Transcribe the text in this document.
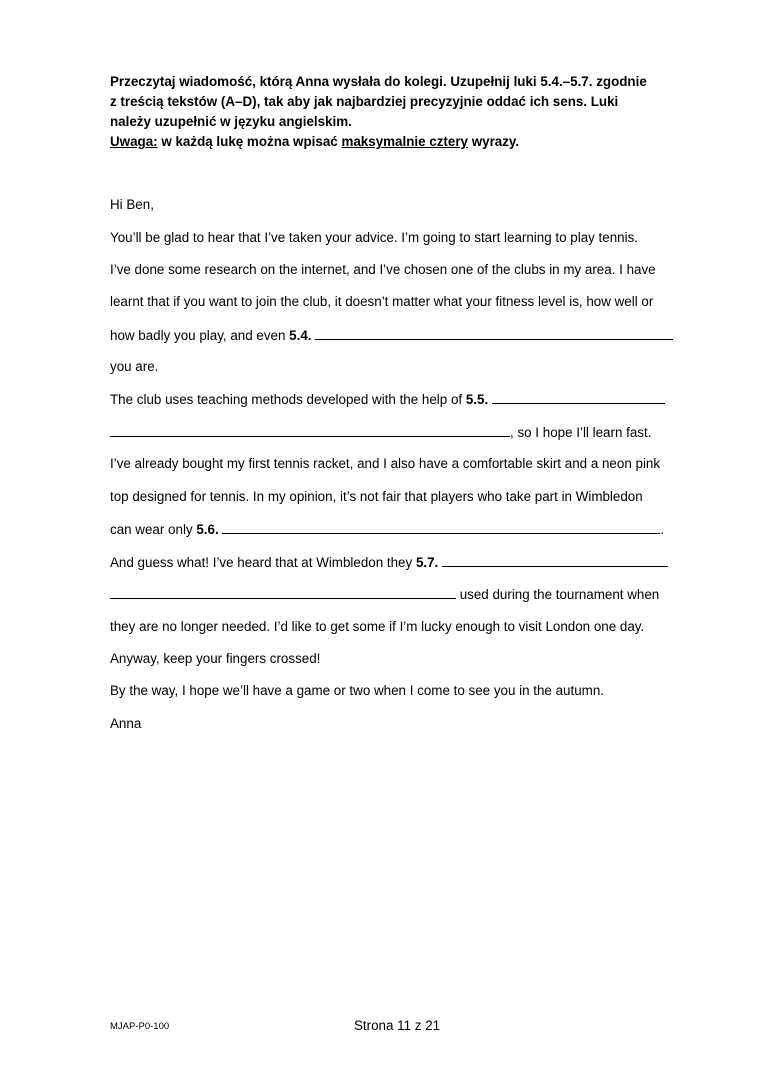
Przeczytaj wiadomość, którą Anna wysłała do kolegi. Uzupełnij luki 5.4.–5.7. zgodnie
z treścią tekstów (A–D), tak aby jak najbardziej precyzyjnie oddać ich sens. Luki
należy uzupełnić w języku angielskim.
Uwaga: w każdą lukę można wpisać maksymalnie cztery wyrazy.
Hi Ben,
You’ll be glad to hear that I’ve taken your advice. I’m going to start learning to play tennis.
I’ve done some research on the internet, and I’ve chosen one of the clubs in my area. I have
learnt that if you want to join the club, it doesn’t matter what your fitness level is, how well or
how badly you play, and even 5.4.
you are.
The club uses teaching methods developed with the help of 5.5.
, so I hope I’ll learn fast.
I’ve already bought my first tennis racket, and I also have a comfortable skirt and a neon pink
top designed for tennis. In my opinion, it’s not fair that players who take part in Wimbledon
can wear only 5.6.	.
And guess what! I’ve heard that at Wimbledon they 5.7.
used during the tournament when
they are no longer needed. I’d like to get some if I’m lucky enough to visit London one day.
Anyway, keep your fingers crossed!
By the way, I hope we’ll have a game or two when I come to see you in the autumn.
Anna
MJAP-P0-100	Strona 11 z 21
